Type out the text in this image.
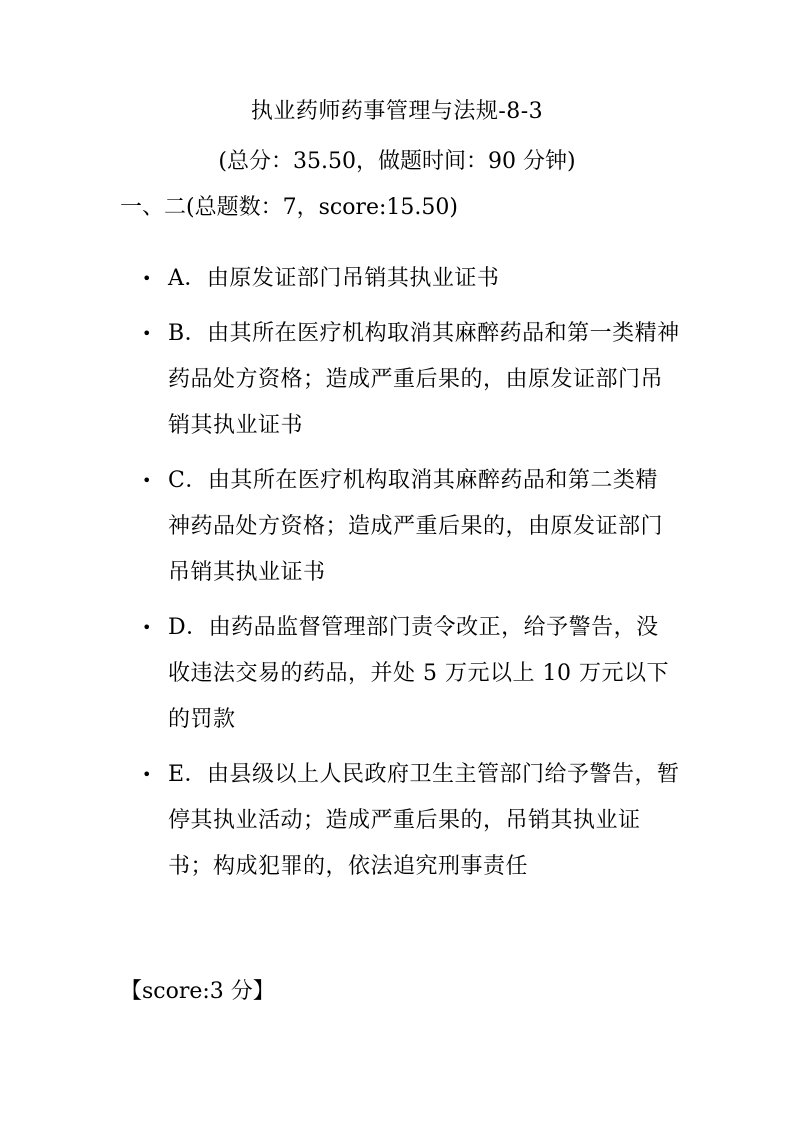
执业药师药事管理与法规-8-3
(总分：35.50，做题时间：90 分钟)
一、二(总题数：7，score:15.50)
• A．由原发证部门吊销其执业证书
• B．由其所在医疗机构取消其麻醉药品和第一类精神药品处方资格；造成严重后果的，由原发证部门吊销其执业证书
• C．由其所在医疗机构取消其麻醉药品和第二类精神药品处方资格；造成严重后果的，由原发证部门吊销其执业证书
• D．由药品监督管理部门责令改正，给予警告，没收违法交易的药品，并处 5 万元以上 10 万元以下的罚款
• E．由县级以上人民政府卫生主管部门给予警告，暂停其执业活动；造成严重后果的，吊销其执业证书；构成犯罪的，依法追究刑事责任
【score:3 分】
